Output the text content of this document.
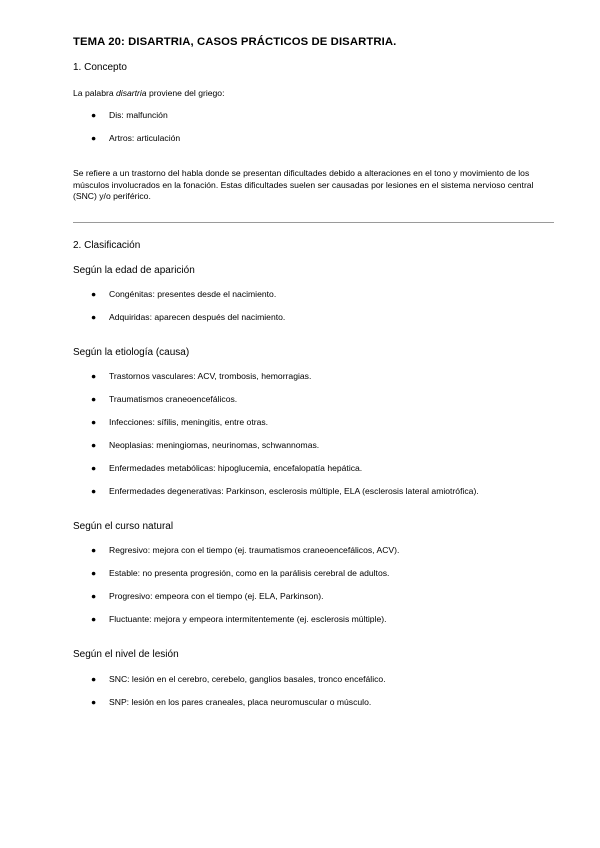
TEMA 20: DISARTRIA, CASOS PRÁCTICOS DE DISARTRIA.
1. Concepto
La palabra disartria proviene del griego:
● Dis: malfunción
● Artros: articulación
Se refiere a un trastorno del habla donde se presentan dificultades debido a alteraciones en el tono y movimiento de los músculos involucrados en la fonación. Estas dificultades suelen ser causadas por lesiones en el sistema nervioso central (SNC) y/o periférico.
2. Clasificación
Según la edad de aparición
● Congénitas: presentes desde el nacimiento.
● Adquiridas: aparecen después del nacimiento.
Según la etiología (causa)
● Trastornos vasculares: ACV, trombosis, hemorragias.
● Traumatismos craneoencefálicos.
● Infecciones: sífilis, meningitis, entre otras.
● Neoplasias: meningiomas, neurinomas, schwannomas.
● Enfermedades metabólicas: hipoglucemia, encefalopatía hepática.
● Enfermedades degenerativas: Parkinson, esclerosis múltiple, ELA (esclerosis lateral amiotrófica).
Según el curso natural
● Regresivo: mejora con el tiempo (ej. traumatismos craneoencefálicos, ACV).
● Estable: no presenta progresión, como en la parálisis cerebral de adultos.
● Progresivo: empeora con el tiempo (ej. ELA, Parkinson).
● Fluctuante: mejora y empeora intermitentemente (ej. esclerosis múltiple).
Según el nivel de lesión
● SNC: lesión en el cerebro, cerebelo, ganglios basales, tronco encefálico.
● SNP: lesión en los pares craneales, placa neuromuscular o músculo.
